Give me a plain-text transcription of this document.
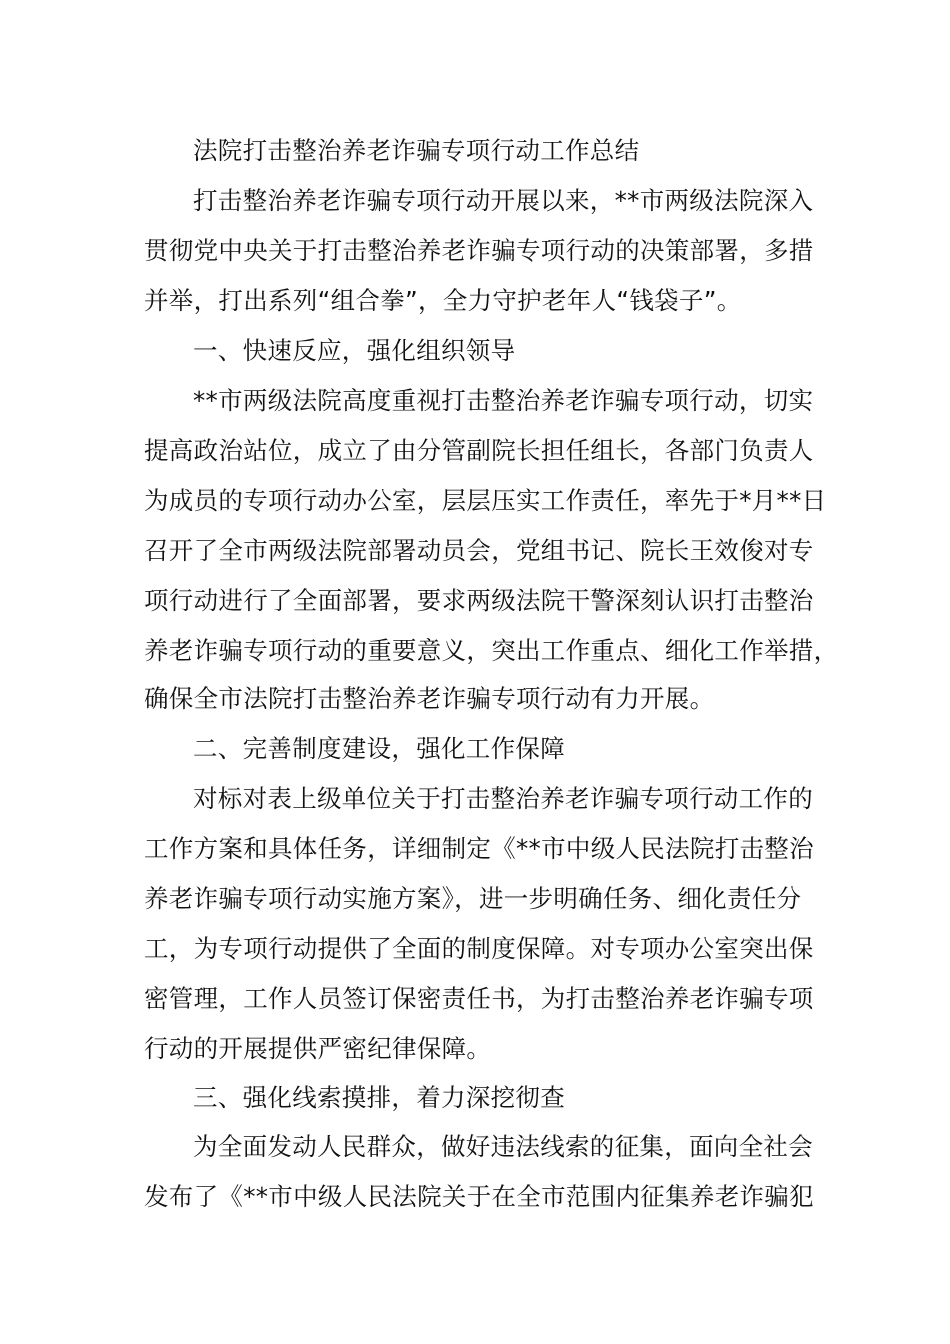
法院打击整治养老诈骗专项行动工作总结
打击整治养老诈骗专项行动开展以来，**市两级法院深入
贯彻党中央关于打击整治养老诈骗专项行动的决策部署，多措
并举，打出系列“组合拳”，全力守护老年人“钱袋子”。
一、快速反应，强化组织领导
**市两级法院高度重视打击整治养老诈骗专项行动，切实
提高政治站位，成立了由分管副院长担任组长，各部门负责人
为成员的专项行动办公室，层层压实工作责任，率先于*月**日
召开了全市两级法院部署动员会，党组书记、院长王效俊对专
项行动进行了全面部署，要求两级法院干警深刻认识打击整治
养老诈骗专项行动的重要意义，突出工作重点、细化工作举措，
确保全市法院打击整治养老诈骗专项行动有力开展。
二、完善制度建设，强化工作保障
对标对表上级单位关于打击整治养老诈骗专项行动工作的
工作方案和具体任务，详细制定《**市中级人民法院打击整治
养老诈骗专项行动实施方案》，进一步明确任务、细化责任分
工，为专项行动提供了全面的制度保障。对专项办公室突出保
密管理，工作人员签订保密责任书，为打击整治养老诈骗专项
行动的开展提供严密纪律保障。
三、强化线索摸排，着力深挖彻查
为全面发动人民群众，做好违法线索的征集，面向全社会
发布了《**市中级人民法院关于在全市范围内征集养老诈骗犯
